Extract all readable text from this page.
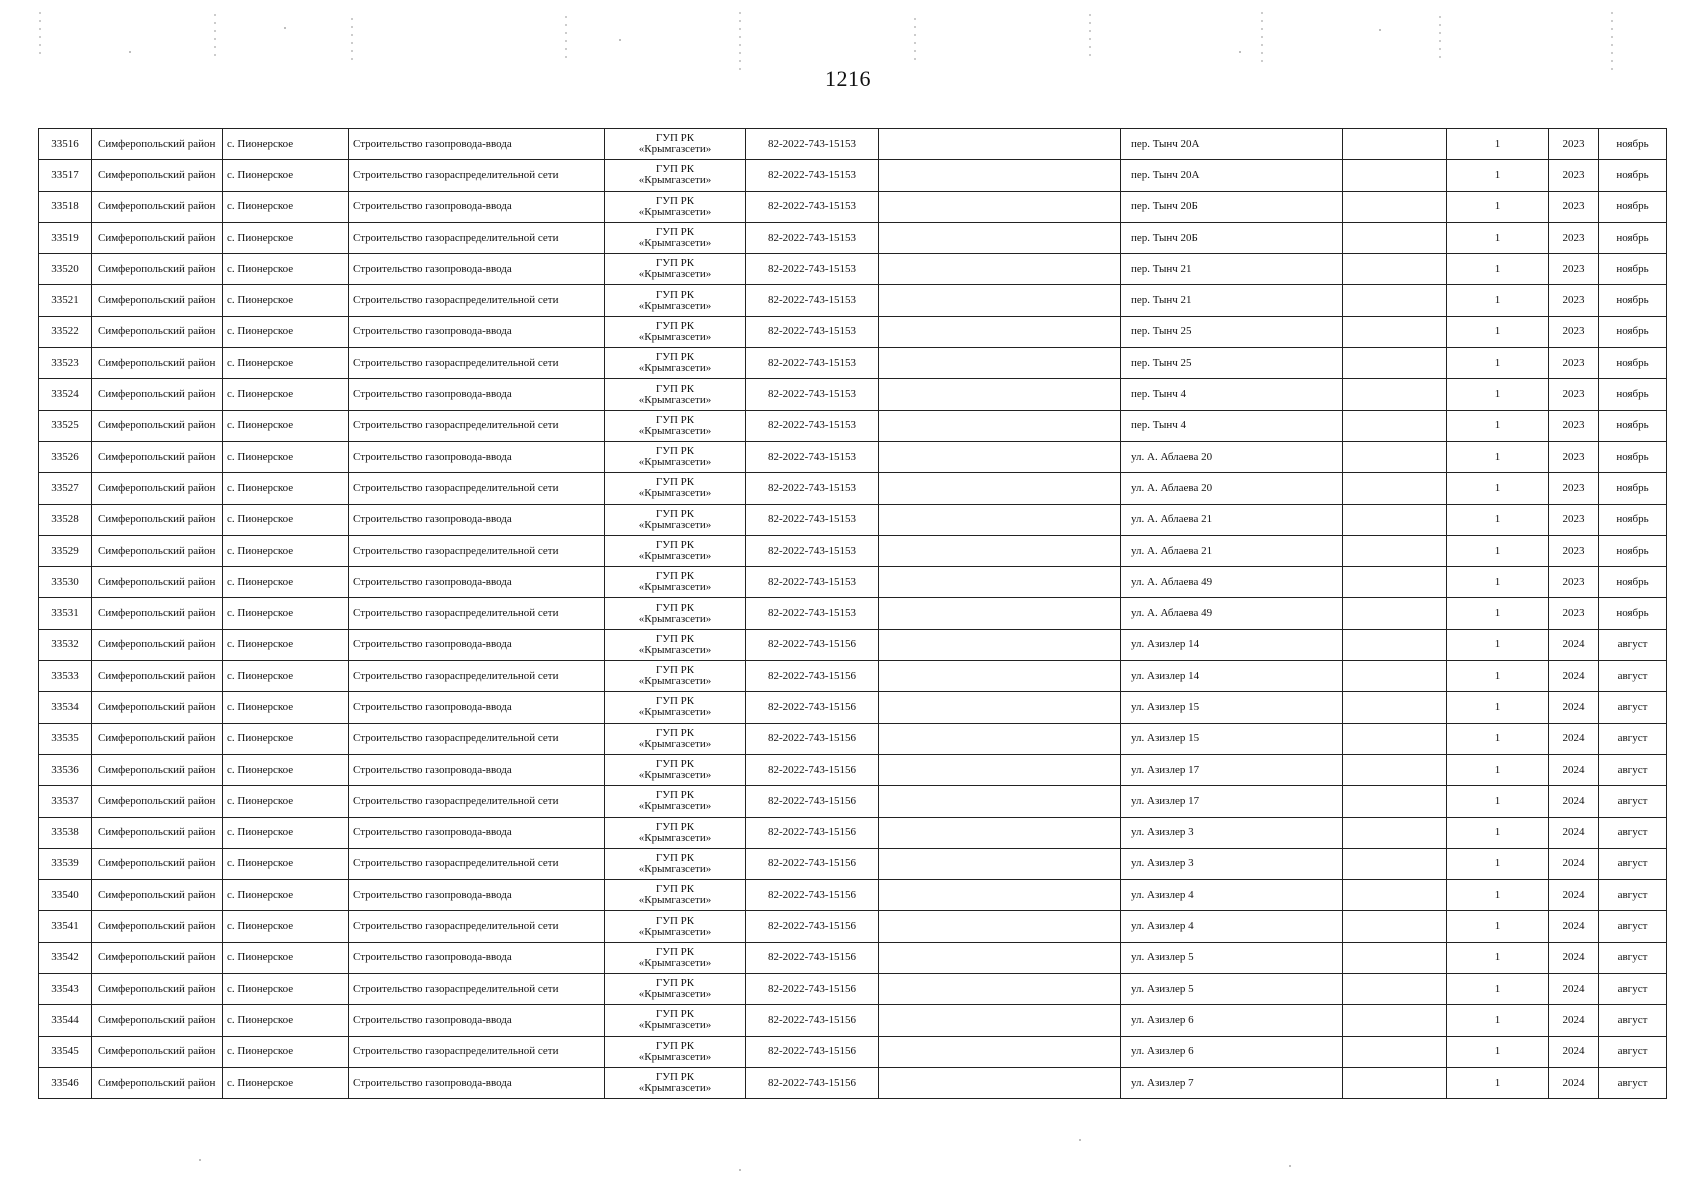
1216
33516	Симферопольский район	с. Пионерское	Строительство газопровода-ввода	ГУП РК
«Крымгазсети»	82-2022-743-15153		пер. Тынч 20А		1	2023	ноябрь
33517	Симферопольский район	с. Пионерское	Строительство газораспределительной сети	ГУП РК
«Крымгазсети»	82-2022-743-15153		пер. Тынч 20А		1	2023	ноябрь
33518	Симферопольский район	с. Пионерское	Строительство газопровода-ввода	ГУП РК
«Крымгазсети»	82-2022-743-15153		пер. Тынч 20Б		1	2023	ноябрь
33519	Симферопольский район	с. Пионерское	Строительство газораспределительной сети	ГУП РК
«Крымгазсети»	82-2022-743-15153		пер. Тынч 20Б		1	2023	ноябрь
33520	Симферопольский район	с. Пионерское	Строительство газопровода-ввода	ГУП РК
«Крымгазсети»	82-2022-743-15153		пер. Тынч 21		1	2023	ноябрь
33521	Симферопольский район	с. Пионерское	Строительство газораспределительной сети	ГУП РК
«Крымгазсети»	82-2022-743-15153		пер. Тынч 21		1	2023	ноябрь
33522	Симферопольский район	с. Пионерское	Строительство газопровода-ввода	ГУП РК
«Крымгазсети»	82-2022-743-15153		пер. Тынч 25		1	2023	ноябрь
33523	Симферопольский район	с. Пионерское	Строительство газораспределительной сети	ГУП РК
«Крымгазсети»	82-2022-743-15153		пер. Тынч 25		1	2023	ноябрь
33524	Симферопольский район	с. Пионерское	Строительство газопровода-ввода	ГУП РК
«Крымгазсети»	82-2022-743-15153		пер. Тынч 4		1	2023	ноябрь
33525	Симферопольский район	с. Пионерское	Строительство газораспределительной сети	ГУП РК
«Крымгазсети»	82-2022-743-15153		пер. Тынч 4		1	2023	ноябрь
33526	Симферопольский район	с. Пионерское	Строительство газопровода-ввода	ГУП РК
«Крымгазсети»	82-2022-743-15153		ул. А. Аблаева 20		1	2023	ноябрь
33527	Симферопольский район	с. Пионерское	Строительство газораспределительной сети	ГУП РК
«Крымгазсети»	82-2022-743-15153		ул. А. Аблаева 20		1	2023	ноябрь
33528	Симферопольский район	с. Пионерское	Строительство газопровода-ввода	ГУП РК
«Крымгазсети»	82-2022-743-15153		ул. А. Аблаева 21		1	2023	ноябрь
33529	Симферопольский район	с. Пионерское	Строительство газораспределительной сети	ГУП РК
«Крымгазсети»	82-2022-743-15153		ул. А. Аблаева 21		1	2023	ноябрь
33530	Симферопольский район	с. Пионерское	Строительство газопровода-ввода	ГУП РК
«Крымгазсети»	82-2022-743-15153		ул. А. Аблаева 49		1	2023	ноябрь
33531	Симферопольский район	с. Пионерское	Строительство газораспределительной сети	ГУП РК
«Крымгазсети»	82-2022-743-15153		ул. А. Аблаева 49		1	2023	ноябрь
33532	Симферопольский район	с. Пионерское	Строительство газопровода-ввода	ГУП РК
«Крымгазсети»	82-2022-743-15156		ул. Азизлер 14		1	2024	август
33533	Симферопольский район	с. Пионерское	Строительство газораспределительной сети	ГУП РК
«Крымгазсети»	82-2022-743-15156		ул. Азизлер 14		1	2024	август
33534	Симферопольский район	с. Пионерское	Строительство газопровода-ввода	ГУП РК
«Крымгазсети»	82-2022-743-15156		ул. Азизлер 15		1	2024	август
33535	Симферопольский район	с. Пионерское	Строительство газораспределительной сети	ГУП РК
«Крымгазсети»	82-2022-743-15156		ул. Азизлер 15		1	2024	август
33536	Симферопольский район	с. Пионерское	Строительство газопровода-ввода	ГУП РК
«Крымгазсети»	82-2022-743-15156		ул. Азизлер 17		1	2024	август
33537	Симферопольский район	с. Пионерское	Строительство газораспределительной сети	ГУП РК
«Крымгазсети»	82-2022-743-15156		ул. Азизлер 17		1	2024	август
33538	Симферопольский район	с. Пионерское	Строительство газопровода-ввода	ГУП РК
«Крымгазсети»	82-2022-743-15156		ул. Азизлер 3		1	2024	август
33539	Симферопольский район	с. Пионерское	Строительство газораспределительной сети	ГУП РК
«Крымгазсети»	82-2022-743-15156		ул. Азизлер 3		1	2024	август
33540	Симферопольский район	с. Пионерское	Строительство газопровода-ввода	ГУП РК
«Крымгазсети»	82-2022-743-15156		ул. Азизлер 4		1	2024	август
33541	Симферопольский район	с. Пионерское	Строительство газораспределительной сети	ГУП РК
«Крымгазсети»	82-2022-743-15156		ул. Азизлер 4		1	2024	август
33542	Симферопольский район	с. Пионерское	Строительство газопровода-ввода	ГУП РК
«Крымгазсети»	82-2022-743-15156		ул. Азизлер 5		1	2024	август
33543	Симферопольский район	с. Пионерское	Строительство газораспределительной сети	ГУП РК
«Крымгазсети»	82-2022-743-15156		ул. Азизлер 5		1	2024	август
33544	Симферопольский район	с. Пионерское	Строительство газопровода-ввода	ГУП РК
«Крымгазсети»	82-2022-743-15156		ул. Азизлер 6		1	2024	август
33545	Симферопольский район	с. Пионерское	Строительство газораспределительной сети	ГУП РК
«Крымгазсети»	82-2022-743-15156		ул. Азизлер 6		1	2024	август
33546	Симферопольский район	с. Пионерское	Строительство газопровода-ввода	ГУП РК
«Крымгазсети»	82-2022-743-15156		ул. Азизлер 7		1	2024	август
